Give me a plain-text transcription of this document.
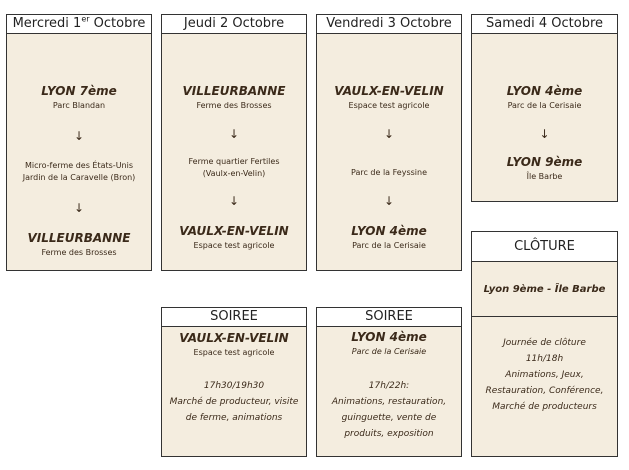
Mercredi 1er Octobre
LYON 7ème
Parc Blandan
↓
Micro-ferme des États-Unis Jardin de la Caravelle (Bron)
↓
VILLEURBANNE
Ferme des Brosses
Jeudi 2 Octobre
VILLEURBANNE
Ferme des Brosses
↓
Ferme quartier Fertiles (Vaulx-en-Velin)
↓
VAULX-EN-VELIN
Espace test agricole
Vendredi 3 Octobre
VAULX-EN-VELIN
Espace test agricole
↓
Parc de la Feyssine
↓
LYON 4ème
Parc de la Cerisaie
Samedi 4 Octobre
LYON 4ème
Parc de la Cerisaie
↓
LYON 9ème
Île Barbe
SOIREE
VAULX-EN-VELIN
Espace test agricole
17h30/19h30
Marché de producteur, visite de ferme, animations
SOIREE
LYON 4ème
Parc de la Cerisaie
17h/22h:
Animations, restauration, guinguette, vente de produits, exposition
CLÔTURE
Lyon 9ème - Île Barbe
Journée de clôture
11h/18h
Animations, Jeux, Restauration, Conférence, Marché de producteurs
